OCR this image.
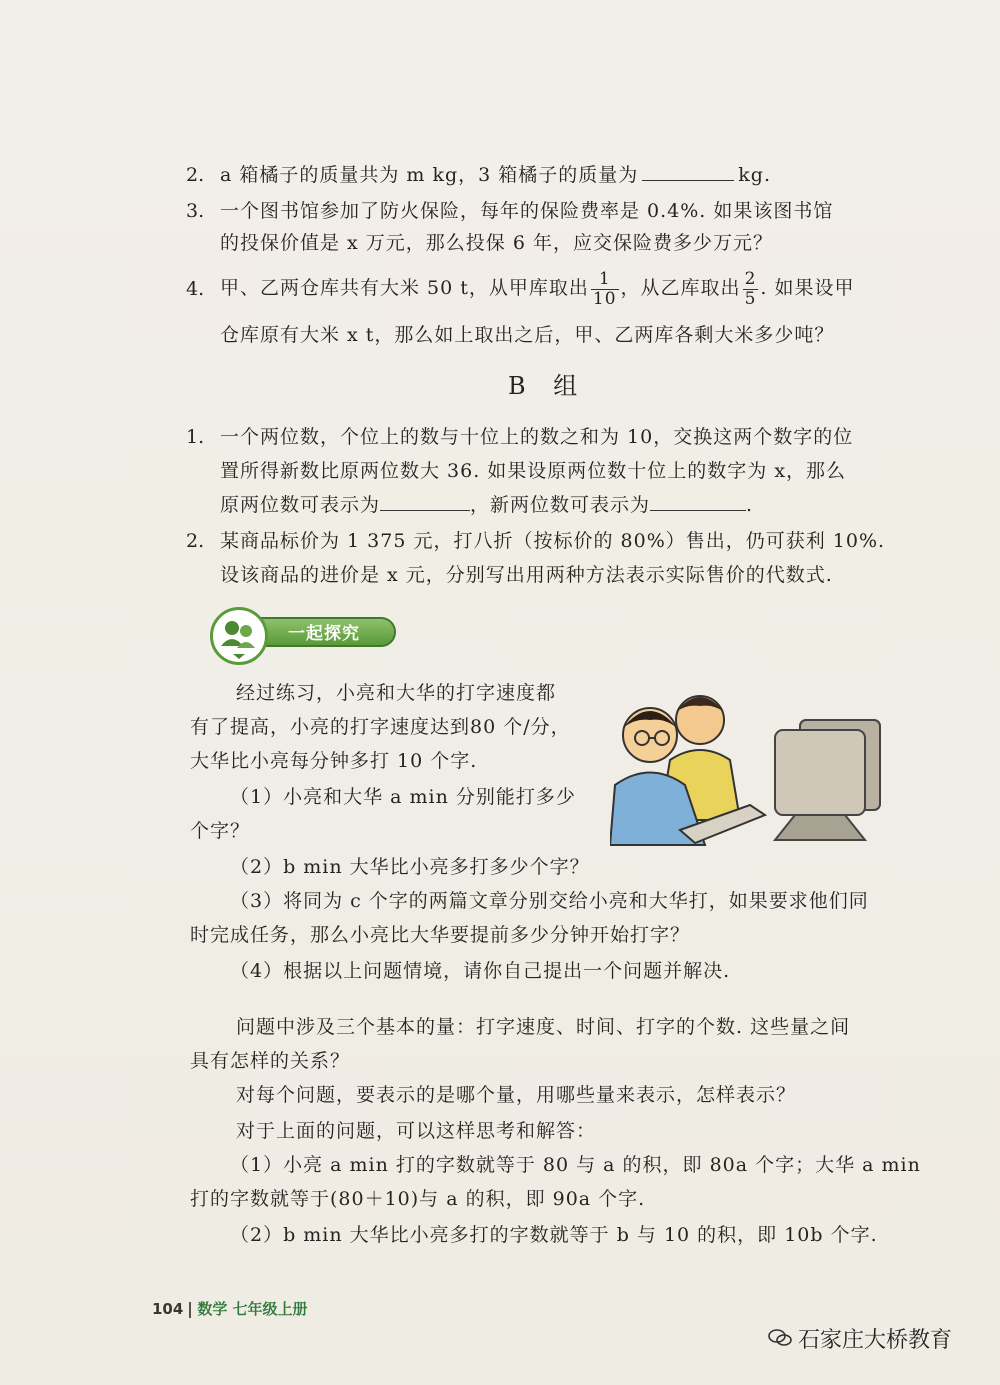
2. a 箱橘子的质量共为 m kg，3 箱橘子的质量为	kg.
3. 一个图书馆参加了防火保险，每年的保险费率是 0.4%. 如果该图书馆
的投保价值是 x 万元，那么投保 6 年，应交保险费多少万元？
4. 甲、乙两仓库共有大米 50 t，从甲库取出 $\frac{1}{10}$ ，从乙库取出 $\frac{2}{5}$ . 如果设甲
仓库原有大米 x t，那么如上取出之后，甲、乙两库各剩大米多少吨？
B 组
1. 一个两位数，个位上的数与十位上的数之和为 10，交换这两个数字的位
置所得新数比原两位数大 36. 如果设原两位数十位上的数字为 x，那么
原两位数可表示为	，新两位数可表示为	.
2. 某商品标价为 1 375 元，打八折（按标价的 80%）售出，仍可获利 10%.
设该商品的进价是 x 元，分别写出用两种方法表示实际售价的代数式.
一起探究
经过练习，小亮和大华的打字速度都
有了提高，小亮的打字速度达到80 个/分，
大华比小亮每分钟多打 10 个字.
（1）小亮和大华 a min 分别能打多少
个字？
（2）b min 大华比小亮多打多少个字？
（3）将同为 c 个字的两篇文章分别交给小亮和大华打，如果要求他们同
时完成任务，那么小亮比大华要提前多少分钟开始打字？
（4）根据以上问题情境，请你自己提出一个问题并解决.
问题中涉及三个基本的量：打字速度、时间、打字的个数. 这些量之间
具有怎样的关系？
对每个问题，要表示的是哪个量，用哪些量来表示，怎样表示？
对于上面的问题，可以这样思考和解答：
（1）小亮 a min 打的字数就等于 80 与 a 的积，即 80a 个字；大华 a min
打的字数就等于(80＋10)与 a 的积，即 90a 个字.
（2）b min 大华比小亮多打的字数就等于 b 与 10 的积，即 10b 个字.
104 数学 七年级上册
石家庄大桥教育
